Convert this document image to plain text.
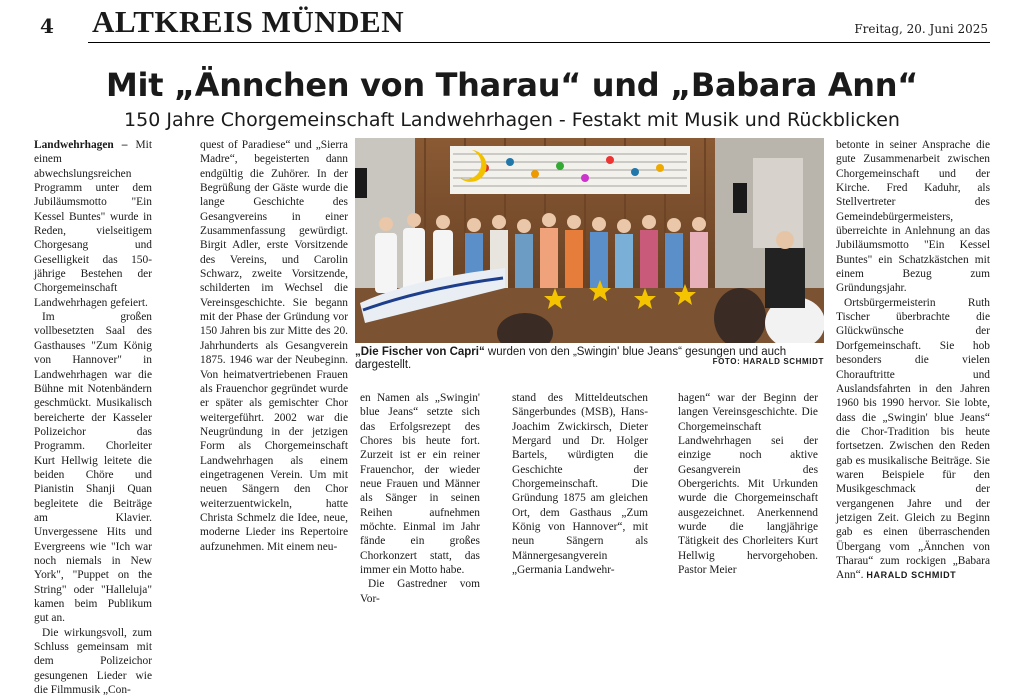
4 ALTKREIS MÜNDEN	Freitag, 20. Juni 2025
Mit „Ännchen von Tharau“ und „Babara Ann“
150 Jahre Chorgemeinschaft Landwehrhagen - Festakt mit Musik und Rückblicken

Landwehrhagen – Mit einem abwechslungsreichen Programm unter dem Jubiläumsmotto "Ein Kessel Buntes" wurde in Reden, vielseitigem Chorgesang und Geselligkeit das 150-jährige Bestehen der Chorgemeinschaft Landwehrhagen gefeiert.

Im großen vollbesetzten Saal des Gasthauses "Zum König von Hannover" in Landwehrhagen war die Bühne mit Notenbändern geschmückt. Musikalisch bereicherte der Kasseler Polizeichor das Programm. Chorleiter Kurt Hellwig leitete die beiden Chöre und Pianistin Shanji Quan begleitete die Beiträge am Klavier. Unvergessene Hits und Evergreens wie "Ich war noch niemals in New York", "Puppet on the String" oder "Halleluja" kamen beim Publikum gut an.

Die wirkungsvoll, zum Schluss gemeinsam mit dem Polizeichor gesungenen Lieder wie die Filmmusik „Con-

quest of Paradiese“ und „Sierra Madre“, begeisterten dann endgültig die Zuhörer. In der Begrüßung der Gäste wurde die lange Geschichte des Gesangvereins in einer Zusammenfassung gewürdigt. Birgit Adler, erste Vorsitzende des Vereins, und Carolin Schwarz, zweite Vorsitzende, schilderten im Wechsel die Vereinsgeschichte. Sie begann mit der Phase der Gründung vor 150 Jahren bis zur Mitte des 20. Jahrhunderts als Gesangverein 1875. 1946 war der Neubeginn. Von heimatvertriebenen Frauen als Frauenchor gegründet wurde er später als gemischter Chor weitergeführt. 2002 war die Neugründung in der jetzigen Form als Chorgemeinschaft Landwehrhagen als einem eingetragenen Verein. Um mit neuen Sängern den Chor weiterzuentwickeln, hatte Christa Schmelz die Idee, neue, moderne Lieder ins Repertoire aufzunehmen. Mit einem neu-

„Die Fischer von Capri“ wurden von den „Swingin' blue Jeans“ gesungen und auch dargestellt.	FOTO: HARALD SCHMIDT

en Namen als „Swingin' blue Jeans“ setzte sich das Erfolgsrezept des Chores bis heute fort. Zurzeit ist er ein reiner Frauenchor, der wieder neue Frauen und Männer als Sänger in seinen Reihen aufnehmen möchte. Einmal im Jahr fände ein großes Chorkonzert statt, das immer ein Motto habe.

Die Gastredner vom Vor-

stand des Mitteldeutschen Sängerbundes (MSB), Hans-Joachim Zwickirsch, Dieter Mergard und Dr. Holger Bartels, würdigten die Geschichte der Chorgemeinschaft. Die Gründung 1875 am gleichen Ort, dem Gasthaus „Zum König von Hannover“, mit neun Sängern als Männergesangverein „Germania Landwehr-

hagen“ war der Beginn der langen Vereinsgeschichte. Die Chorgemeinschaft Landwehrhagen sei der einzige noch aktive Gesangverein des Obergerichts. Mit Urkunden wurde die Chorgemeinschaft ausgezeichnet. Anerkennend wurde die langjährige Tätigkeit des Chorleiters Kurt Hellwig hervorgehoben. Pastor Meier

betonte in seiner Ansprache die gute Zusammenarbeit zwischen Chorgemeinschaft und der Kirche. Fred Kaduhr, als Stellvertreter des Gemeindebürgermeisters, überreichte in Anlehnung an das Jubiläumsmotto "Ein Kessel Buntes" ein Schatzkästchen mit einem Bezug zum Gründungsjahr.

Ortsbürgermeisterin Ruth Tischer überbrachte die Glückwünsche der Dorfgemeinschaft. Sie hob besonders die vielen Chorauftritte und Auslandsfahrten in den Jahren 1960 bis 1990 hervor. Sie lobte, dass die „Swingin' blue Jeans“ die Chor-Tradition bis heute fortsetzen. Zwischen den Reden gab es musikalische Beiträge. Sie waren Beispiele für den Musikgeschmack der vergangenen Jahre und der jetzigen Zeit. Gleich zu Beginn gab es einen überraschenden Übergang vom „Ännchen von Tharau“ zum rockigen „Babara Ann“. HARALD SCHMIDT
